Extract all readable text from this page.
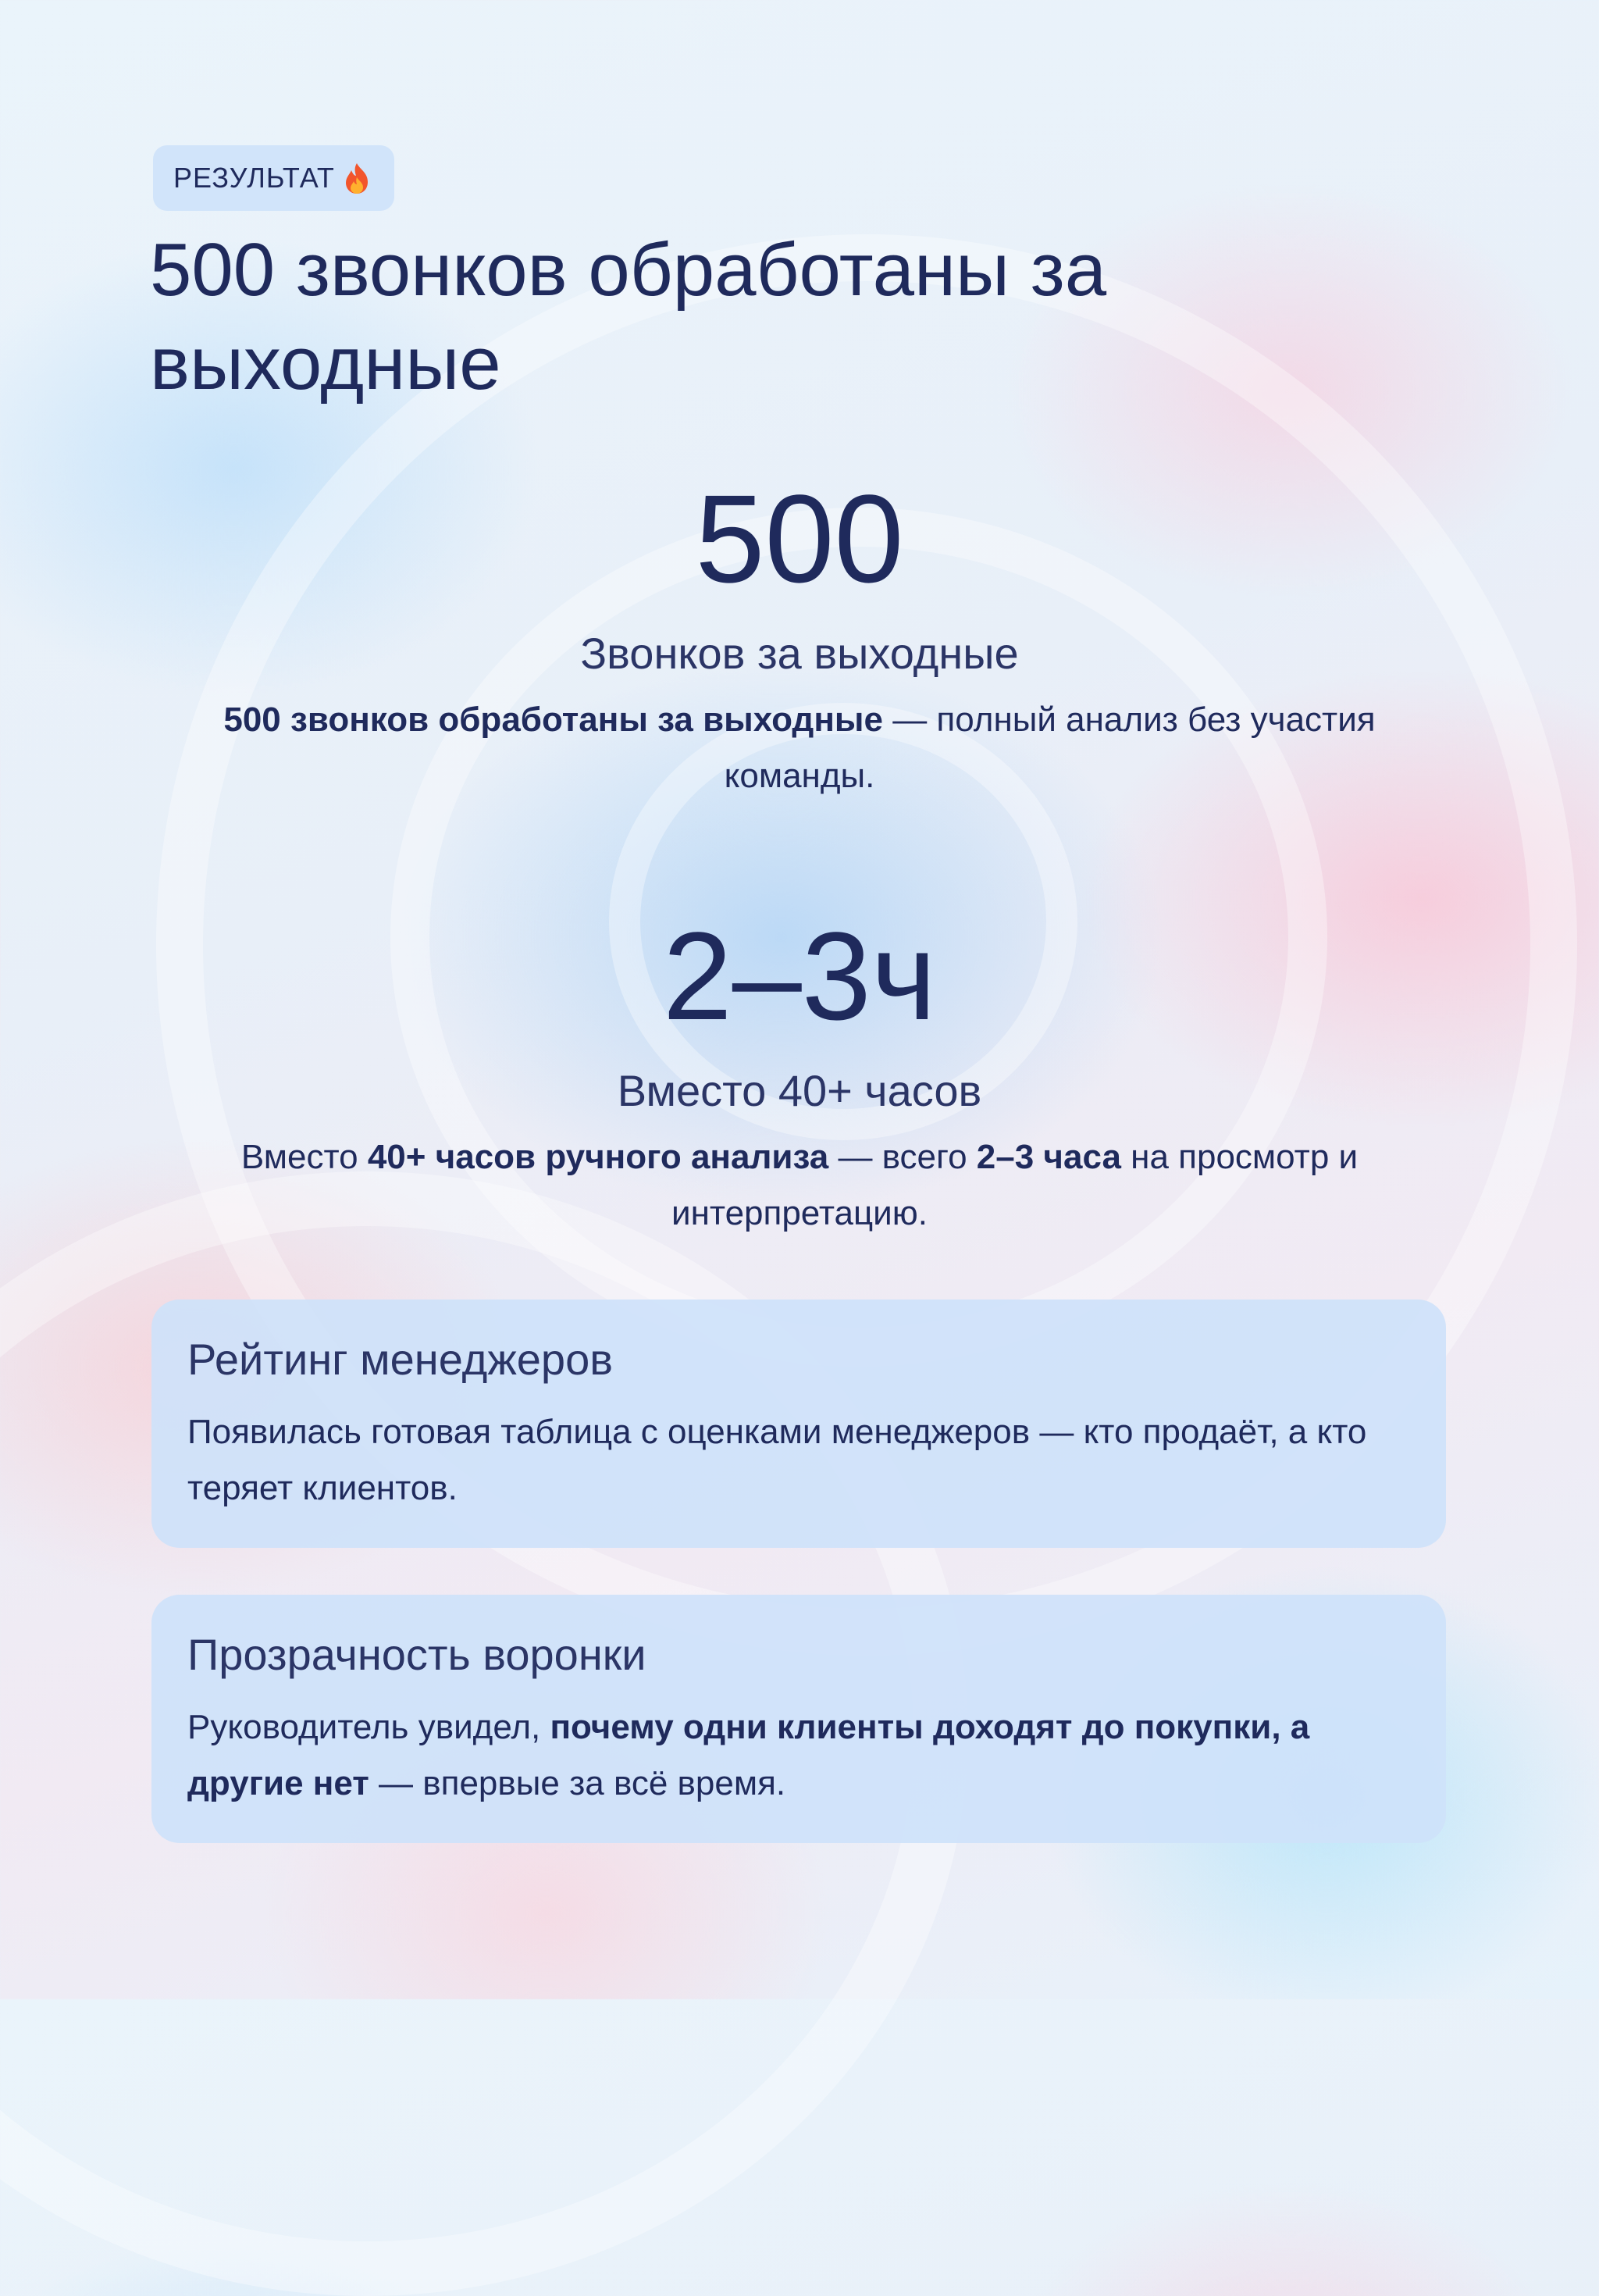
РЕЗУЛЬТАТ
500 звонков обработаны за выходные
500
Звонков за выходные

500 звонков обработаны за выходные — полный анализ без участия команды.

2–3ч
Вместо 40+ часов

Вместо 40+ часов ручного анализа — всего 2–3 часа на просмотр и интерпретацию.

Рейтинг менеджеров

Появилась готовая таблица с оценками менеджеров — кто продаёт, а кто теряет клиентов.

Прозрачность воронки

Руководитель увидел, почему одни клиенты доходят до покупки, а другие нет — впервые за всё время.
